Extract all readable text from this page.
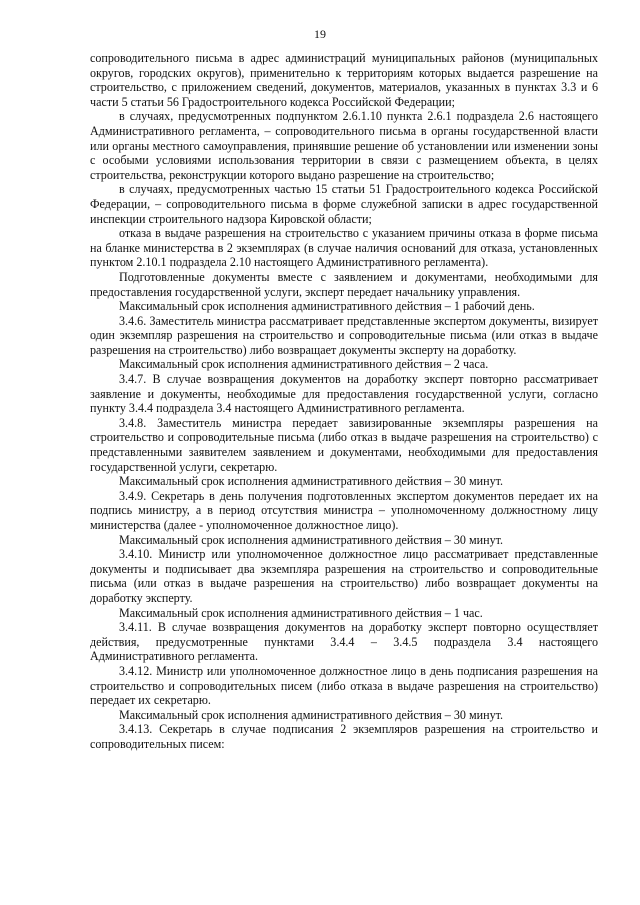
19

сопроводительного письма в адрес администраций муниципальных районов (муниципальных округов, городских округов), применительно к территориям которых выдается разрешение на строительство, с приложением сведений, документов, материалов, указанных в пунктах 3.3 и 6 части 5 статьи 56 Градостроительного кодекса Российской Федерации;

в случаях, предусмотренных подпунктом 2.6.1.10 пункта 2.6.1 подраздела 2.6 настоящего Административного регламента, – сопроводительного письма в органы государственной власти или органы местного самоуправления, принявшие решение об установлении или изменении зоны с особыми условиями использования территории в связи с размещением объекта, в целях строительства, реконструкции которого выдано разрешение на строительство;

в случаях, предусмотренных частью 15 статьи 51 Градостроительного кодекса Российской Федерации, – сопроводительного письма в форме служебной записки в адрес государственной инспекции строительного надзора Кировской области;

отказа в выдаче разрешения на строительство с указанием причины отказа в форме письма на бланке министерства в 2 экземплярах (в случае наличия оснований для отказа, установленных пунктом 2.10.1 подраздела 2.10 настоящего Административного регламента).

Подготовленные документы вместе с заявлением и документами, необходимыми для предоставления государственной услуги, эксперт передает начальнику управления.

Максимальный срок исполнения административного действия – 1 рабочий день.

3.4.6. Заместитель министра рассматривает представленные экспертом документы, визирует один экземпляр разрешения на строительство и сопроводительные письма (или отказ в выдаче разрешения на строительство) либо возвращает документы эксперту на доработку.

Максимальный срок исполнения административного действия – 2 часа.

3.4.7. В случае возвращения документов на доработку эксперт повторно рассматривает заявление и документы, необходимые для предоставления государственной услуги, согласно пункту 3.4.4 подраздела 3.4 настоящего Административного регламента.

3.4.8. Заместитель министра передает завизированные экземпляры разрешения на строительство и сопроводительные письма (либо отказ в выдаче разрешения на строительство) с представленными заявителем заявлением и документами, необходимыми для предоставления государственной услуги, секретарю.

Максимальный срок исполнения административного действия – 30 минут.

3.4.9. Секретарь в день получения подготовленных экспертом документов передает их на подпись министру, а в период отсутствия министра – уполномоченному должностному лицу министерства (далее - уполномоченное должностное лицо).

Максимальный срок исполнения административного действия – 30 минут.

3.4.10. Министр или уполномоченное должностное лицо рассматривает представленные документы и подписывает два экземпляра разрешения на строительство и сопроводительные письма (или отказ в выдаче разрешения на строительство) либо возвращает документы на доработку эксперту.

Максимальный срок исполнения административного действия – 1 час.

3.4.11. В случае возвращения документов на доработку эксперт повторно осуществляет действия, предусмотренные пунктами 3.4.4 – 3.4.5 подраздела 3.4 настоящего Административного регламента.

3.4.12. Министр или уполномоченное должностное лицо в день подписания разрешения на строительство и сопроводительных писем (либо отказа в выдаче разрешения на строительство) передает их секретарю.

Максимальный срок исполнения административного действия – 30 минут.

3.4.13. Секретарь в случае подписания 2 экземпляров разрешения на строительство и сопроводительных писем:
